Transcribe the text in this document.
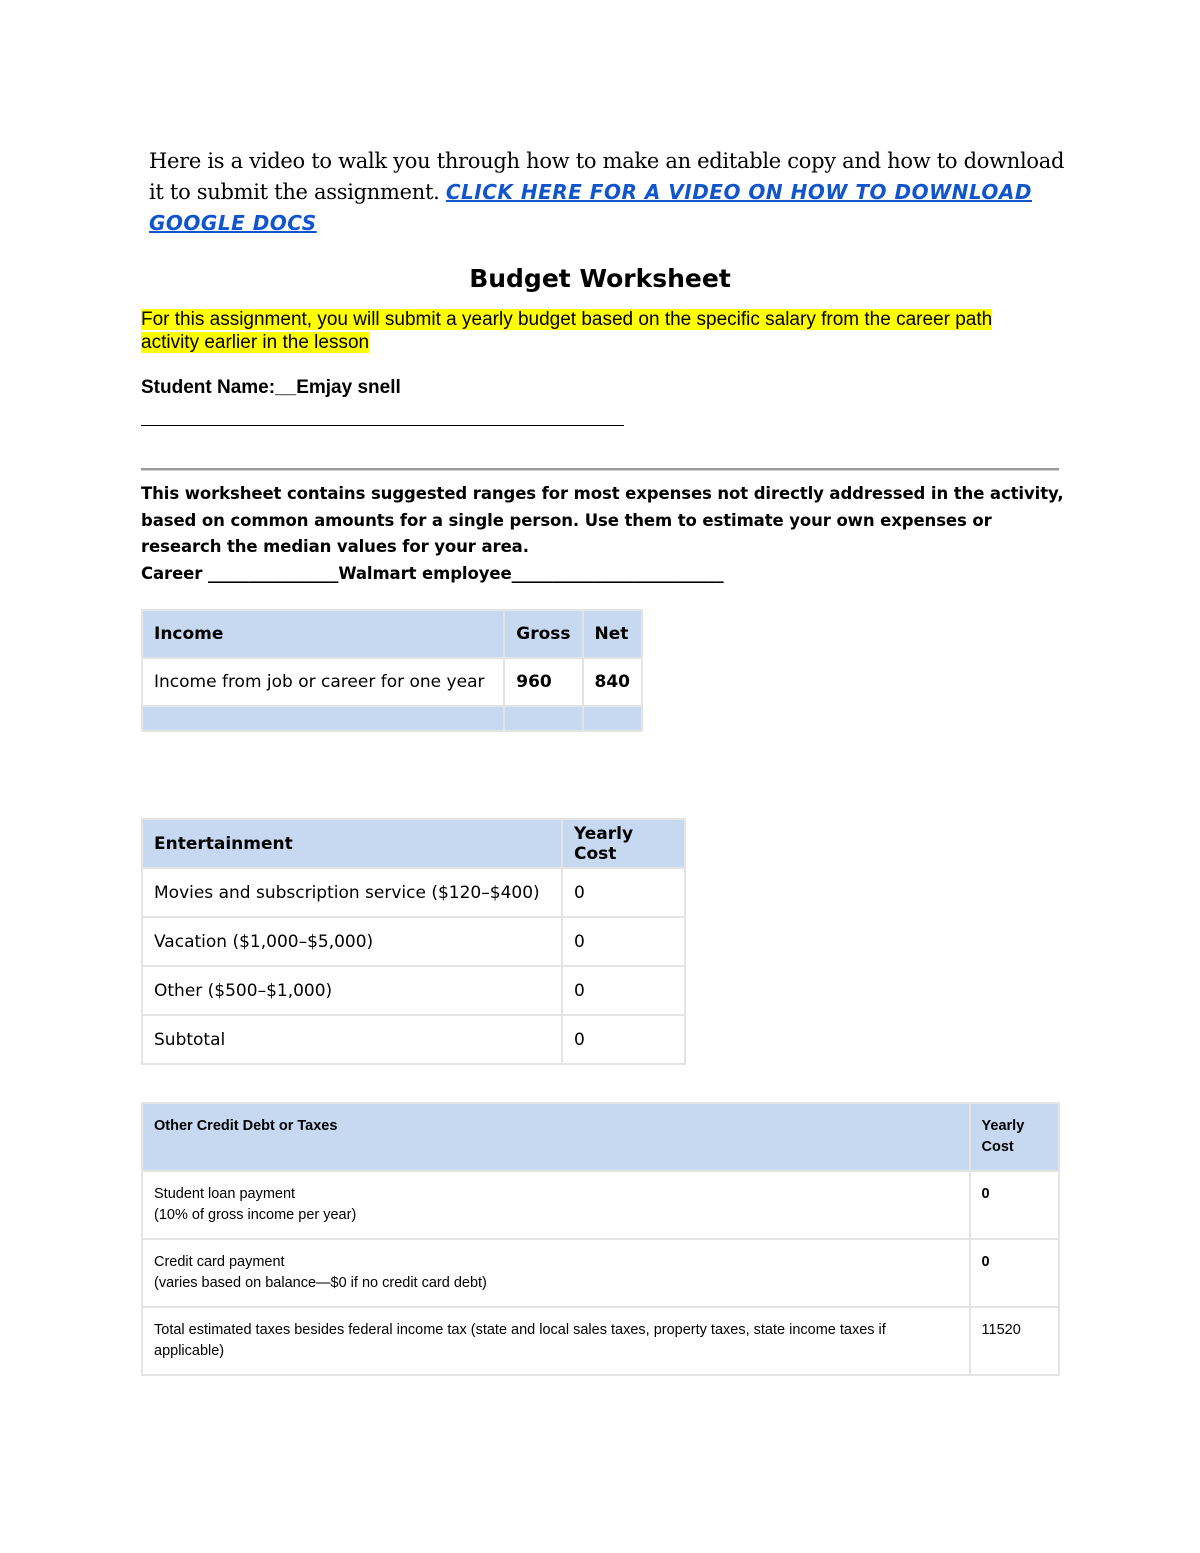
Here is a video to walk you through how to make an editable copy and how to download it to submit the assignment. CLICK HERE FOR A VIDEO ON HOW TO DOWNLOAD GOOGLE DOCS
Budget Worksheet
For this assignment, you will submit a yearly budget based on the specific salary from the career path activity earlier in the lesson
Student Name:__Emjay snell
This worksheet contains suggested ranges for most expenses not directly addressed in the activity, based on common amounts for a single person. Use them to estimate your own expenses or research the median values for your area.
Career ________________Walmart employee__________________________
Income	Gross	Net
Income from job or career for one year	960	840

Entertainment	Yearly Cost
Movies and subscription service ($120–$400)	0
Vacation ($1,000–$5,000)	0
Other ($500–$1,000)	0
Subtotal	0
Other Credit Debt or Taxes	Yearly Cost

Student loan payment
(10% of gross income per year)	0

Credit card payment
(varies based on balance—$0 if no credit card debt)	0

Total estimated taxes besides federal income tax (state and local sales taxes, property taxes, state income taxes if applicable)	11520
